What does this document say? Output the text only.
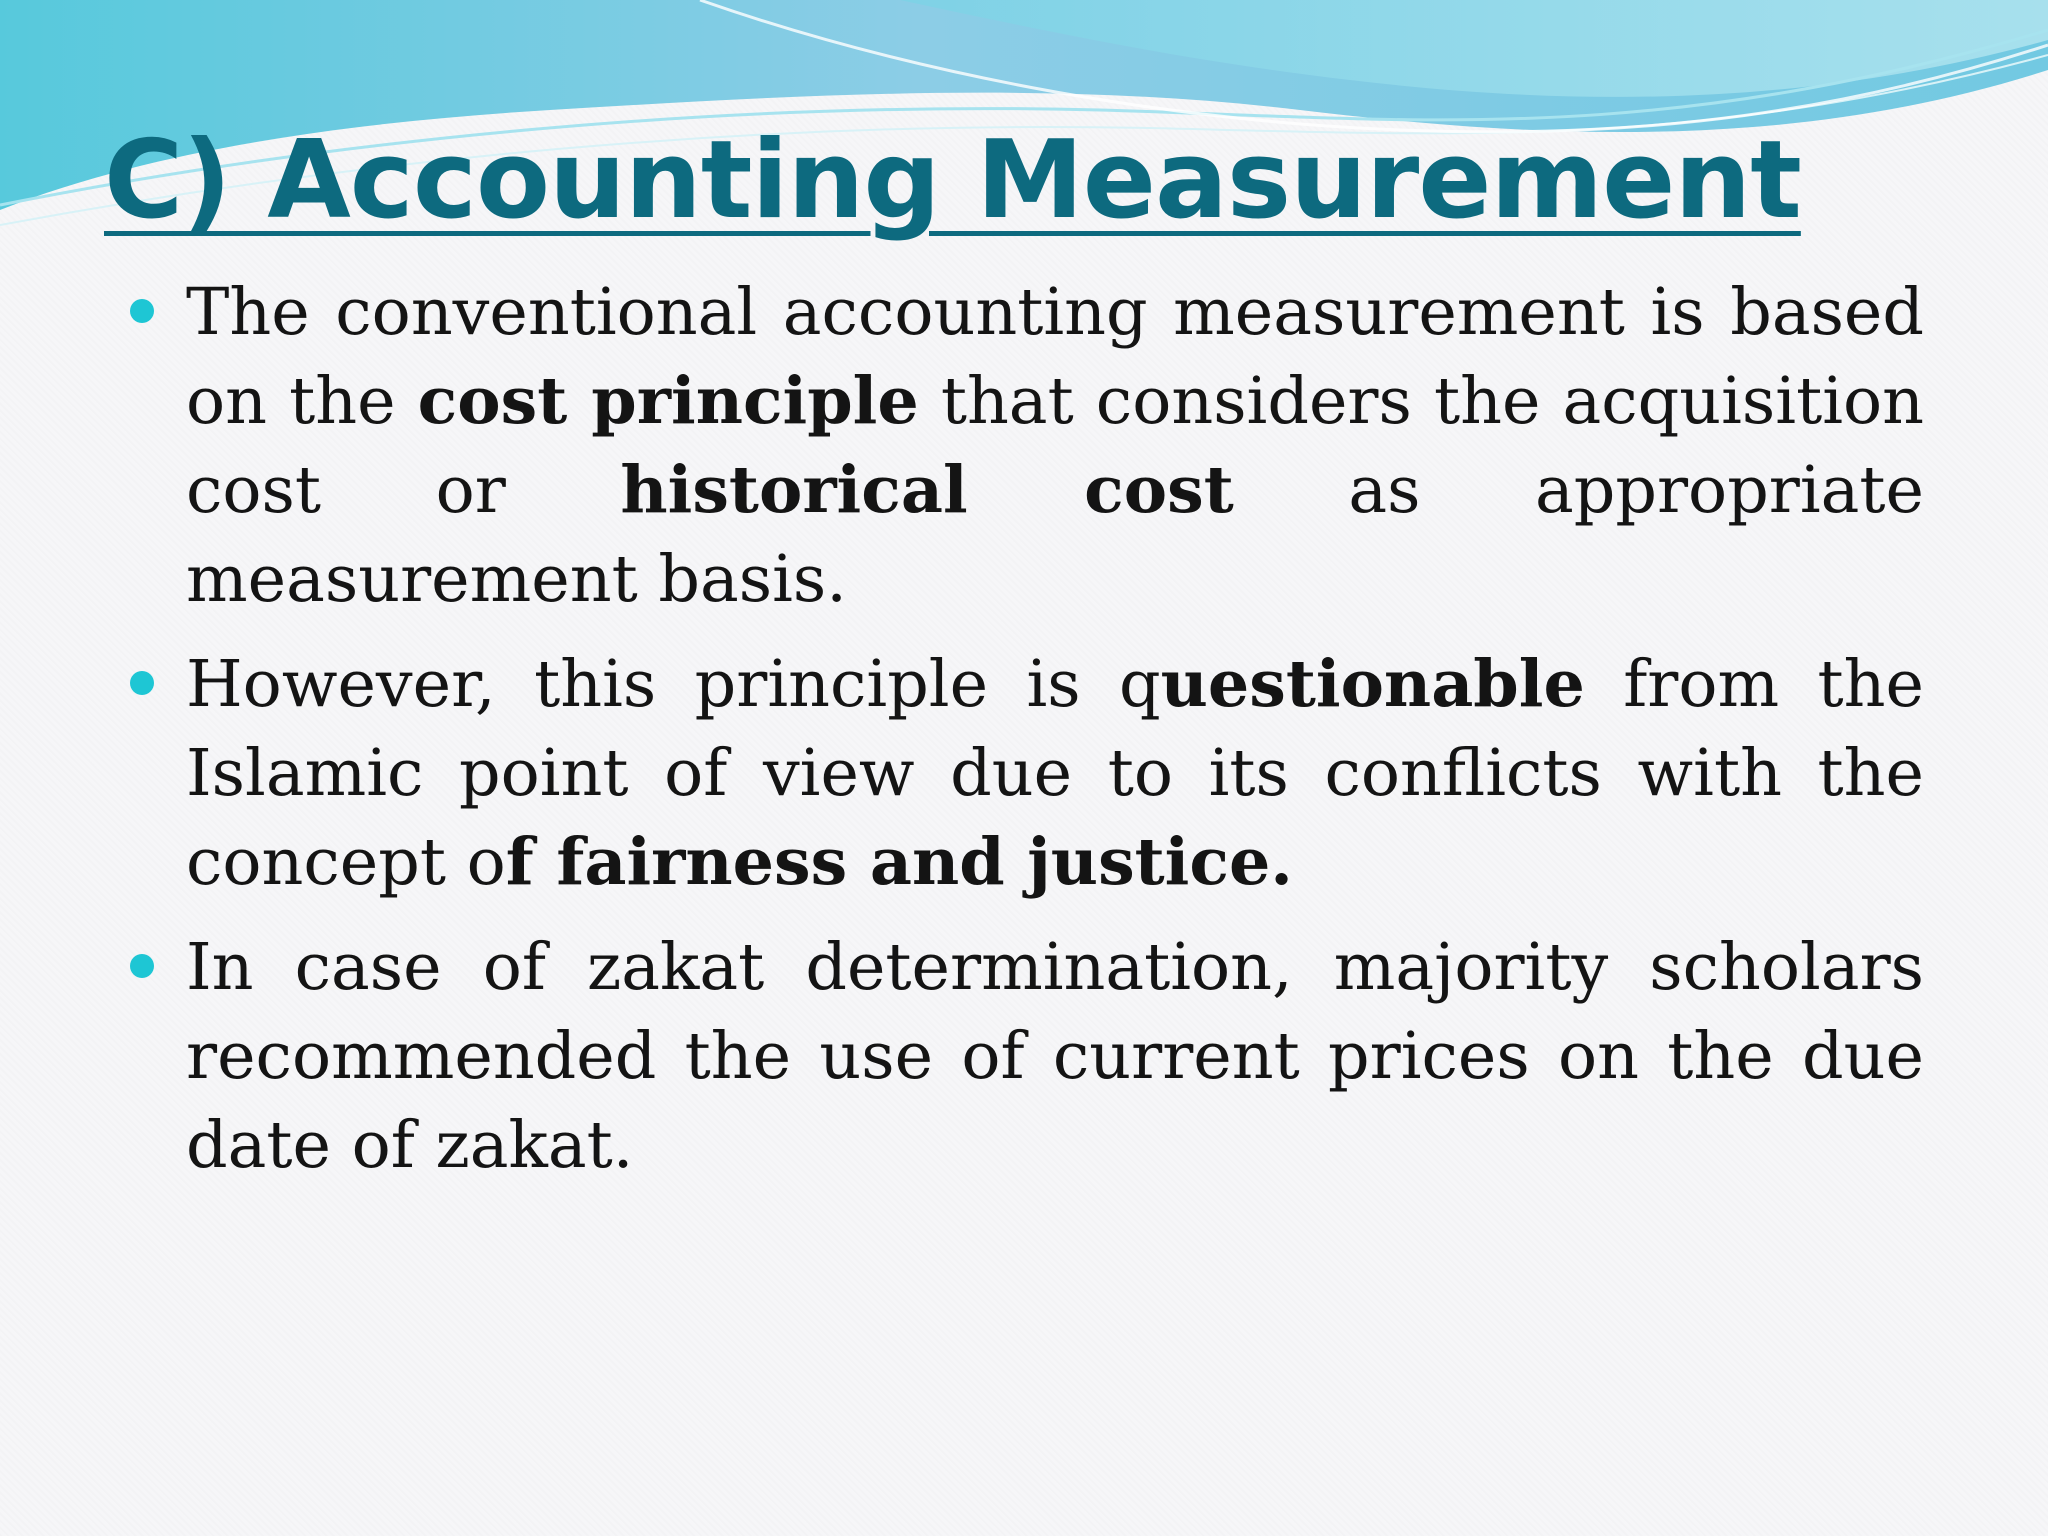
C) Accounting Measurement
The conventional accounting measurement is based on the cost principle that considers the acquisition cost or historical cost as appropriate measurement basis.
However, this principle is questionable from the Islamic point of view due to its conflicts with the concept of fairness and justice.
In case of zakat determination, majority scholars recommended the use of current prices on the due date of zakat.
